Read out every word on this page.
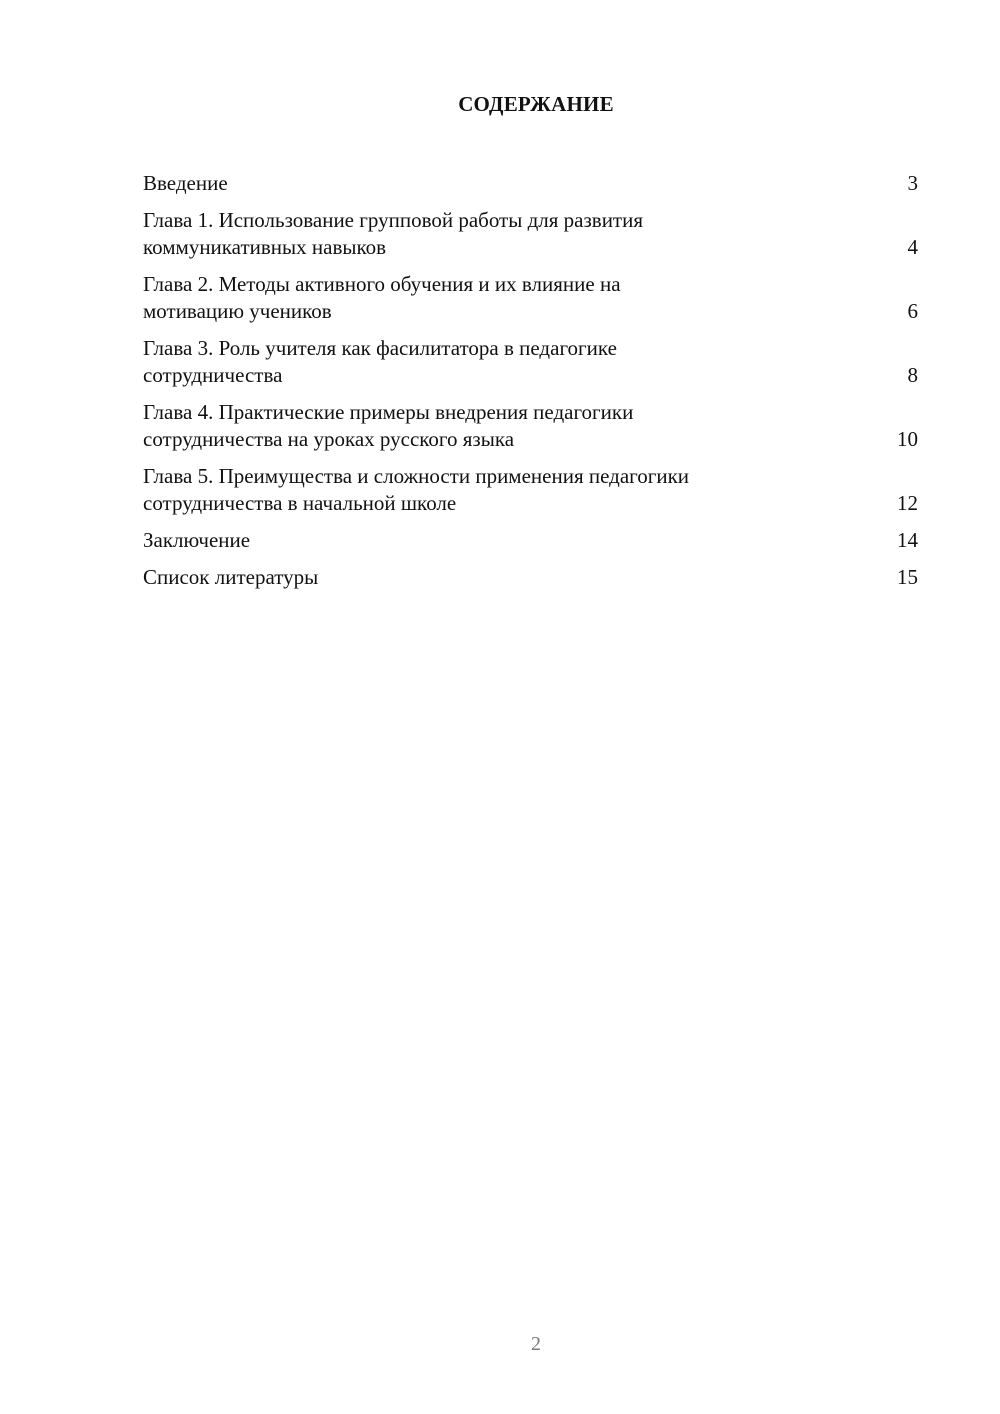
СОДЕРЖАНИЕ
Введение	3
Глава 1. Использование групповой работы для развития
коммуникативных навыков	4
Глава 2. Методы активного обучения и их влияние на
мотивацию учеников	6
Глава 3. Роль учителя как фасилитатора в педагогике
сотрудничества	8
Глава 4. Практические примеры внедрения педагогики
сотрудничества на уроках русского языка	10
Глава 5. Преимущества и сложности применения педагогики
сотрудничества в начальной школе	12
Заключение	14
Список литературы	15
2
